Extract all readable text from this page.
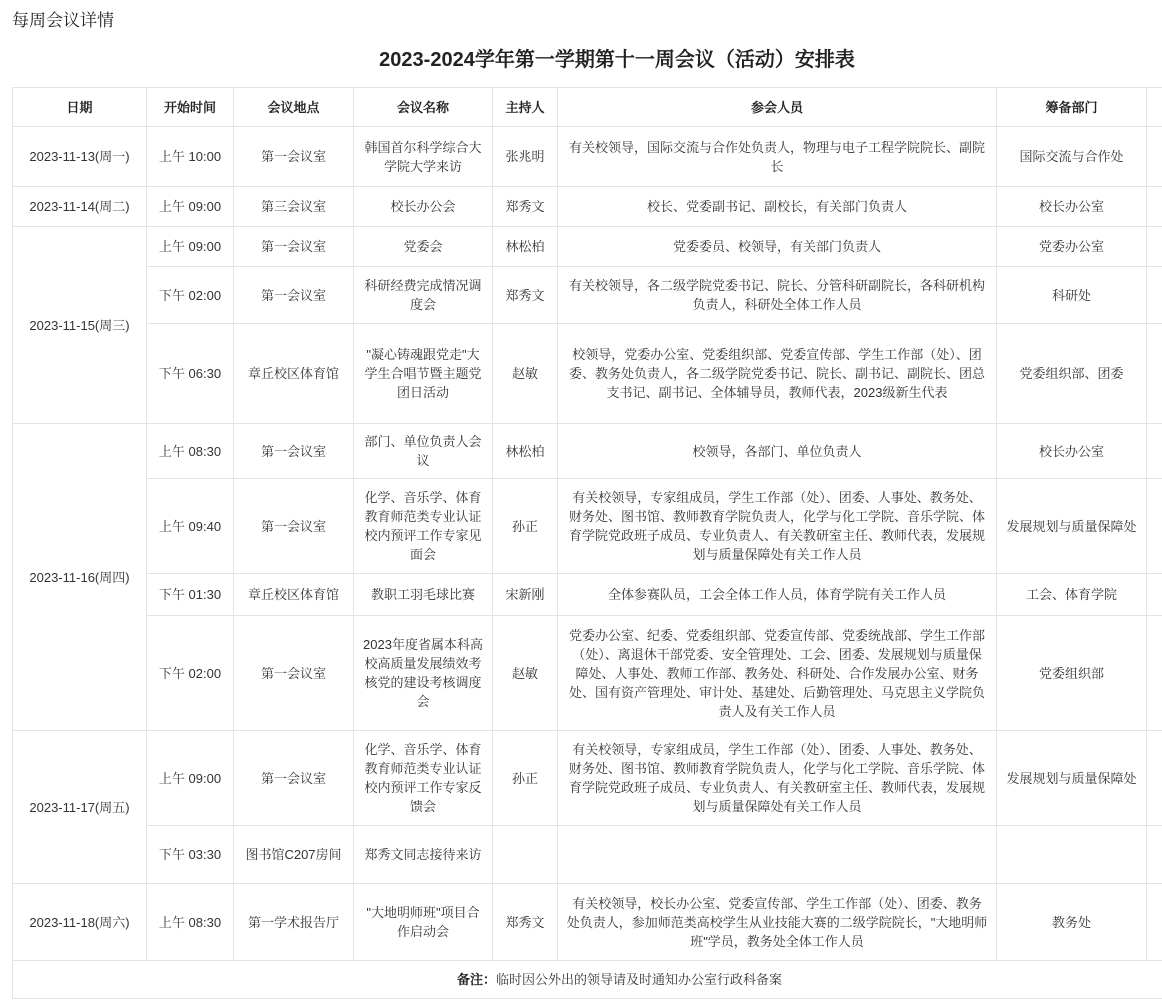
每周会议详情
2023-2024学年第一学期第十一周会议（活动）安排表
日期	开始时间	会议地点	会议名称	主持人	参会人员	筹备部门	
2023-11-13(周一)	上午 10:00	第一会议室	韩国首尔科学综合大学院大学来访	张兆明	有关校领导，国际交流与合作处负责人，物理与电子工程学院院长、副院长	国际交流与合作处	
2023-11-14(周二)	上午 09:00	第三会议室	校长办公会	郑秀文	校长、党委副书记、副校长，有关部门负责人	校长办公室	
2023-11-15(周三)	上午 09:00	第一会议室	党委会	林松柏	党委委员、校领导，有关部门负责人	党委办公室	
	下午 02:00	第一会议室	科研经费完成情况调度会	郑秀文	有关校领导，各二级学院党委书记、院长、分管科研副院长，各科研机构负责人，科研处全体工作人员	科研处	
	下午 06:30	章丘校区体育馆	"凝心铸魂跟党走"大学生合唱节暨主题党团日活动	赵敏	校领导，党委办公室、党委组织部、党委宣传部、学生工作部（处）、团委、教务处负责人，各二级学院党委书记、院长、副书记、副院长、团总支书记、副书记、全体辅导员，教师代表，2023级新生代表	党委组织部、团委	
2023-11-16(周四)	上午 08:30	第一会议室	部门、单位负责人会议	林松柏	校领导，各部门、单位负责人	校长办公室	
	上午 09:40	第一会议室	化学、音乐学、体育教育师范类专业认证校内预评工作专家见面会	孙正	有关校领导，专家组成员，学生工作部（处）、团委、人事处、教务处、财务处、图书馆、教师教育学院负责人，化学与化工学院、音乐学院、体育学院党政班子成员、专业负责人、有关教研室主任、教师代表，发展规划与质量保障处有关工作人员	发展规划与质量保障处	
	下午 01:30	章丘校区体育馆	教职工羽毛球比赛	宋新刚	全体参赛队员，工会全体工作人员，体育学院有关工作人员	工会、体育学院	
	下午 02:00	第一会议室	2023年度省属本科高校高质量发展绩效考核党的建设考核调度会	赵敏	党委办公室、纪委、党委组织部、党委宣传部、党委统战部、学生工作部（处）、离退休干部党委、安全管理处、工会、团委、发展规划与质量保障处、人事处、教师工作部、教务处、科研处、合作发展办公室、财务处、国有资产管理处、审计处、基建处、后勤管理处、马克思主义学院负责人及有关工作人员	党委组织部	
2023-11-17(周五)	上午 09:00	第一会议室	化学、音乐学、体育教育师范类专业认证校内预评工作专家反馈会	孙正	有关校领导，专家组成员，学生工作部（处）、团委、人事处、教务处、财务处、图书馆、教师教育学院负责人，化学与化工学院、音乐学院、体育学院党政班子成员、专业负责人、有关教研室主任、教师代表，发展规划与质量保障处有关工作人员	发展规划与质量保障处	
	下午 03:30	图书馆C207房间	郑秀文同志接待来访				
2023-11-18(周六)	上午 08:30	第一学术报告厅	"大地明师班"项目合作启动会	郑秀文	有关校领导，校长办公室、党委宣传部、学生工作部（处）、团委、教务处负责人，参加师范类高校学生从业技能大赛的二级学院院长，"大地明师班"学员，教务处全体工作人员	教务处	
备注：临时因公外出的领导请及时通知办公室行政科备案							
